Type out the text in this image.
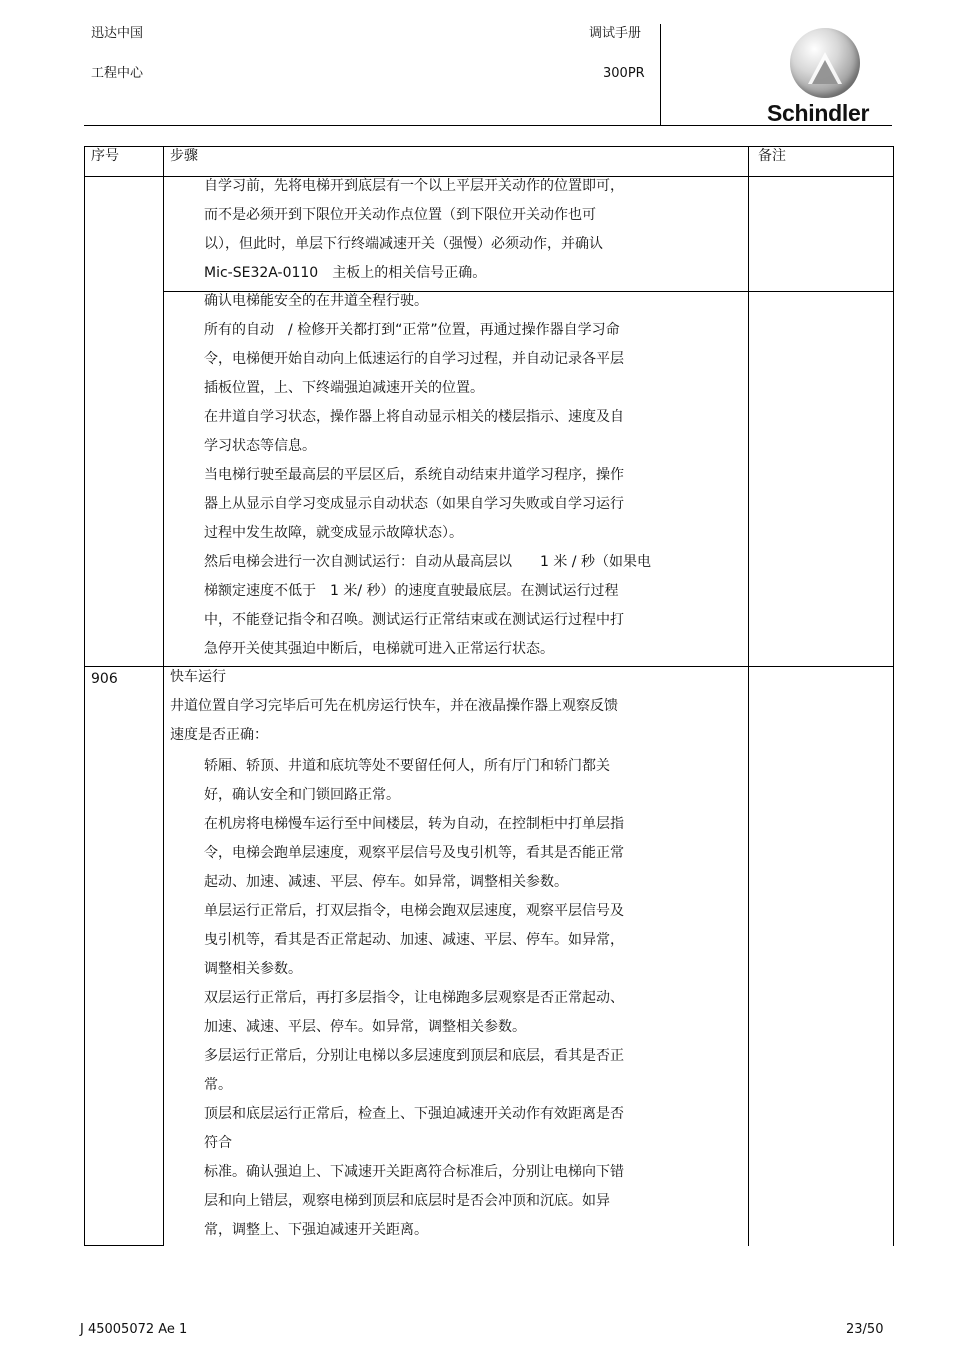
迅达中国
工程中心
调试手册
300PR
Schindler
序号	步骤	备注
自学习前，先将电梯开到底层有一个以上平层开关动作的位置即可，
而不是必须开到下限位开关动作点位置（到下限位开关动作也可
以），但此时，单层下行终端减速开关（强慢）必须动作，并确认
Mic-SE32A-0110　主板上的相关信号正确。
确认电梯能安全的在井道全程行驶。
所有的自动　/ 检修开关都打到“正常”位置，再通过操作器自学习命
令，电梯便开始自动向上低速运行的自学习过程，并自动记录各平层
插板位置，上、下终端强迫减速开关的位置。
在井道自学习状态，操作器上将自动显示相关的楼层指示、速度及自
学习状态等信息。
当电梯行驶至最高层的平层区后，系统自动结束井道学习程序，操作
器上从显示自学习变成显示自动状态（如果自学习失败或自学习运行
过程中发生故障，就变成显示故障状态）。
然后电梯会进行一次自测试运行：自动从最高层以　　1 米 / 秒（如果电
梯额定速度不低于　1 米/ 秒）的速度直驶最底层。在测试运行过程
中，不能登记指令和召唤。测试运行正常结束或在测试运行过程中打
急停开关使其强迫中断后，电梯就可进入正常运行状态。
906	快车运行
井道位置自学习完毕后可先在机房运行快车，并在液晶操作器上观察反馈
速度是否正确：
轿厢、轿顶、井道和底坑等处不要留任何人，所有厅门和轿门都关
好，确认安全和门锁回路正常。
在机房将电梯慢车运行至中间楼层，转为自动，在控制柜中打单层指
令，电梯会跑单层速度，观察平层信号及曳引机等，看其是否能正常
起动、加速、减速、平层、停车。如异常，调整相关参数。
单层运行正常后，打双层指令，电梯会跑双层速度，观察平层信号及
曳引机等，看其是否正常起动、加速、减速、平层、停车。如异常，
调整相关参数。
双层运行正常后，再打多层指令，让电梯跑多层观察是否正常起动、
加速、减速、平层、停车。如异常，调整相关参数。
多层运行正常后，分别让电梯以多层速度到顶层和底层，看其是否正
常。
顶层和底层运行正常后，检查上、下强迫减速开关动作有效距离是否
符合
标准。确认强迫上、下减速开关距离符合标准后，分别让电梯向下错
层和向上错层，观察电梯到顶层和底层时是否会冲顶和沉底。如异
常，调整上、下强迫减速开关距离。
J 45005072 Ae 1	23/50
